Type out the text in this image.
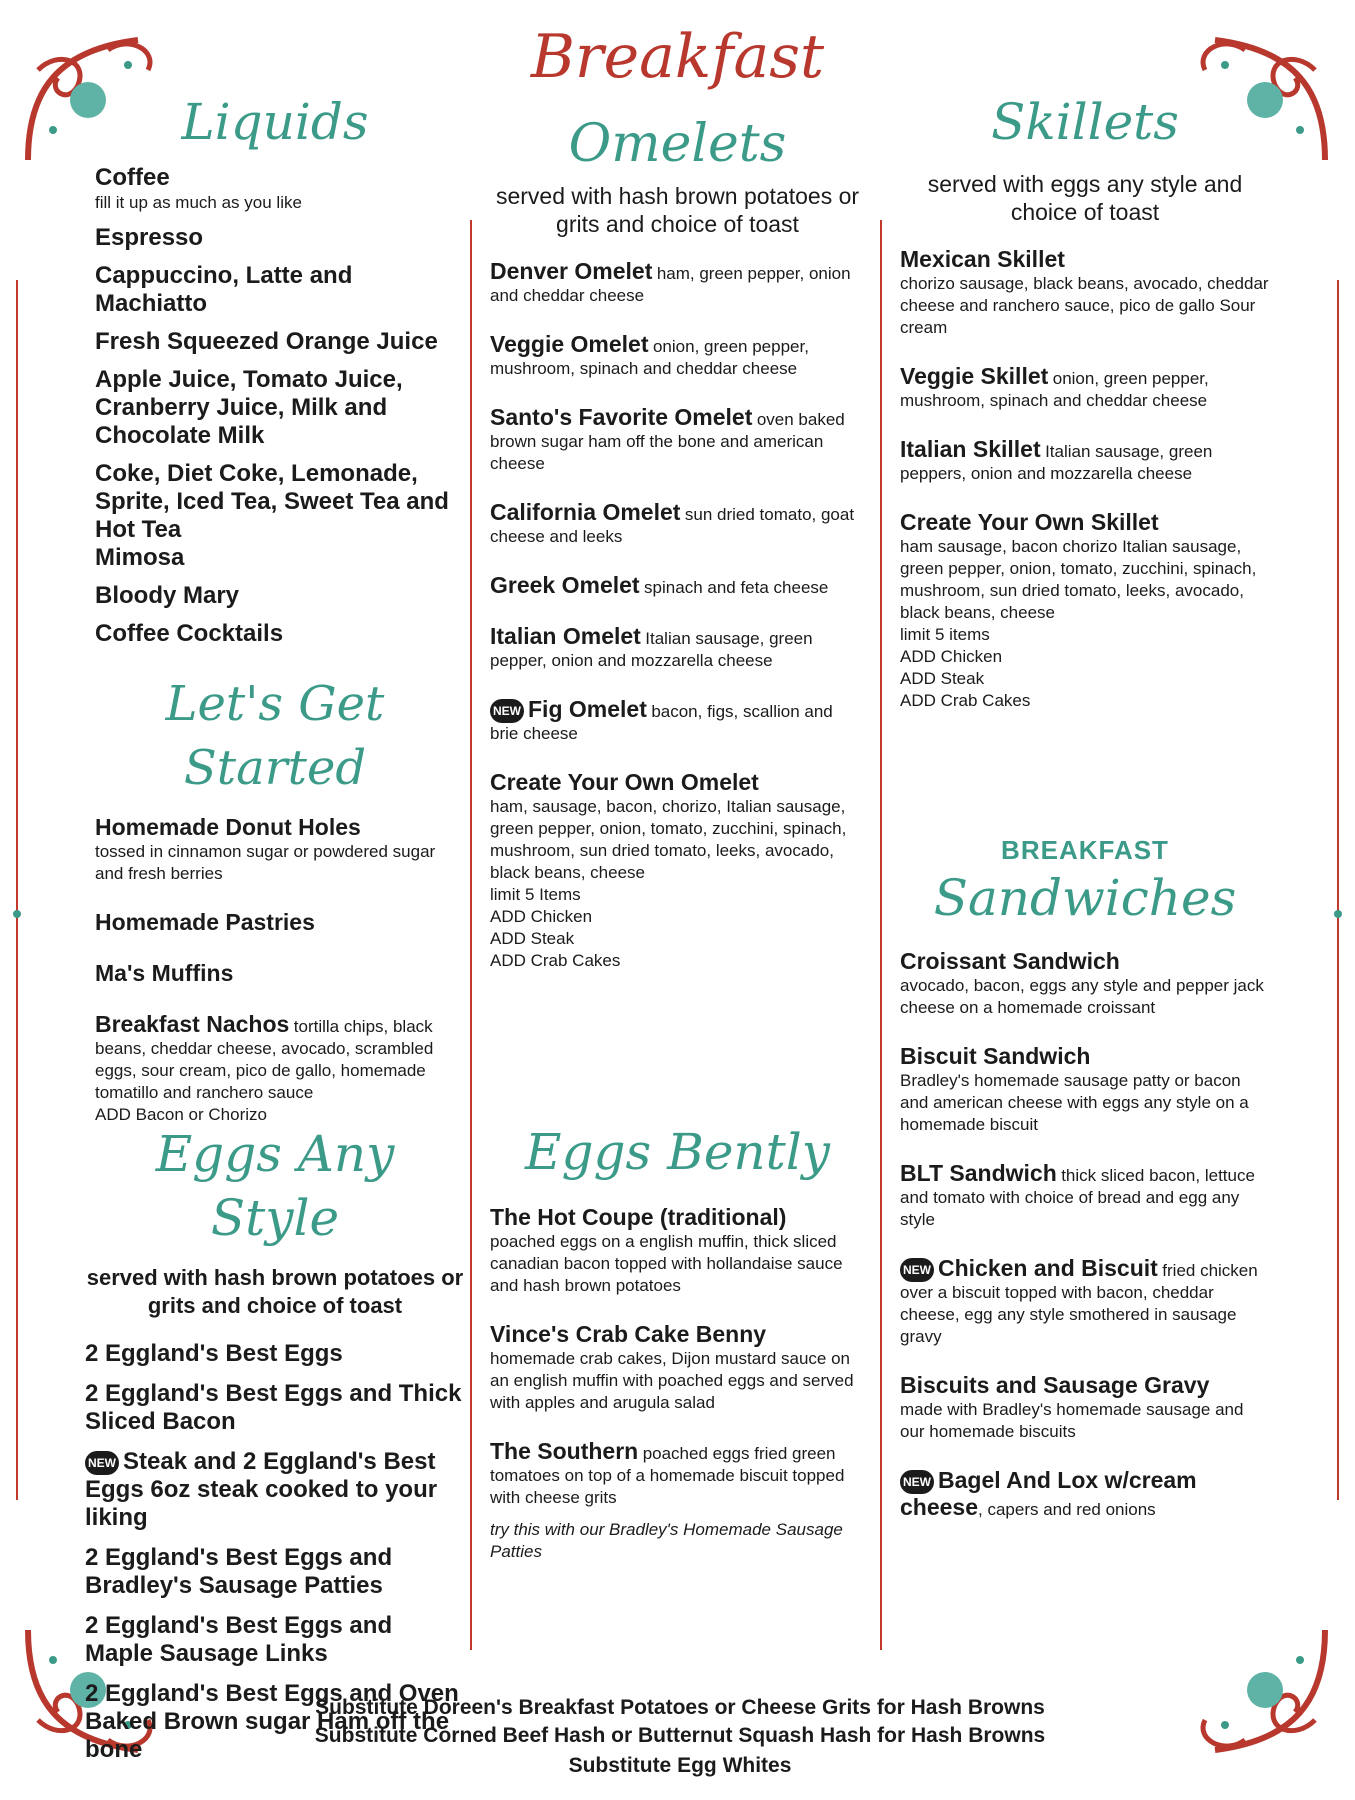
Breakfast
Liquids
Coffee
fill it up as much as you like
Espresso
Cappuccino, Latte and Machiatto
Fresh Squeezed Orange Juice
Apple Juice, Tomato Juice, Cranberry Juice, Milk and Chocolate Milk
Coke, Diet Coke, Lemonade, Sprite, Iced Tea, Sweet Tea and Hot Tea
Mimosa
Bloody Mary
Coffee Cocktails
Let's Get Started
Homemade Donut Holes
tossed in cinnamon sugar or powdered sugar and fresh berries
Homemade Pastries
Ma's Muffins
Breakfast Nachos tortilla chips, black beans, cheddar cheese, avocado, scrambled eggs, sour cream, pico de gallo, homemade tomatillo and ranchero sauce
ADD Bacon or Chorizo
Eggs Any Style
served with hash brown potatoes or grits and choice of toast
2 Eggland's Best Eggs
2 Eggland's Best Eggs and Thick Sliced Bacon
NEW Steak and 2 Eggland's Best Eggs 6oz steak cooked to your liking
2 Eggland's Best Eggs and Bradley's Sausage Patties
2 Eggland's Best Eggs and Maple Sausage Links
2 Eggland's Best Eggs and Oven Baked Brown sugar Ham off the bone
Omelets
served with hash brown potatoes or grits and choice of toast
Denver Omelet ham, green pepper, onion and cheddar cheese
Veggie Omelet onion, green pepper, mushroom, spinach and cheddar cheese
Santo's Favorite Omelet oven baked brown sugar ham off the bone and american cheese
California Omelet sun dried tomato, goat cheese and leeks
Greek Omelet spinach and feta cheese
Italian Omelet Italian sausage, green pepper, onion and mozzarella cheese
NEW Fig Omelet bacon, figs, scallion and brie cheese
Create Your Own Omelet
ham, sausage, bacon, chorizo, Italian sausage, green pepper, onion, tomato, zucchini, spinach, mushroom, sun dried tomato, leeks, avocado, black beans, cheese
limit 5 Items
ADD Chicken
ADD Steak
ADD Crab Cakes
Eggs Bently
The Hot Coupe (traditional)
poached eggs on a english muffin, thick sliced canadian bacon topped with hollandaise sauce and hash brown potatoes
Vince's Crab Cake Benny
homemade crab cakes, Dijon mustard sauce on an english muffin with poached eggs and served with apples and arugula salad
The Southern poached eggs fried green tomatoes on top of a homemade biscuit topped with cheese grits
try this with our Bradley's Homemade Sausage Patties
Skillets
served with eggs any style and choice of toast
Mexican Skillet
chorizo sausage, black beans, avocado, cheddar cheese and ranchero sauce, pico de gallo Sour cream
Veggie Skillet onion, green pepper, mushroom, spinach and cheddar cheese
Italian Skillet Italian sausage, green peppers, onion and mozzarella cheese
Create Your Own Skillet
ham sausage, bacon chorizo Italian sausage, green pepper, onion, tomato, zucchini, spinach, mushroom, sun dried tomato, leeks, avocado, black beans, cheese
limit 5 items
ADD Chicken
ADD Steak
ADD Crab Cakes
BREAKFAST
Sandwiches
Croissant Sandwich
avocado, bacon, eggs any style and pepper jack cheese on a homemade croissant
Biscuit Sandwich
Bradley's homemade sausage patty or bacon and american cheese with eggs any style on a homemade biscuit
BLT Sandwich thick sliced bacon, lettuce and tomato with choice of bread and egg any style
NEW Chicken and Biscuit fried chicken over a biscuit topped with bacon, cheddar cheese, egg any style smothered in sausage gravy
Biscuits and Sausage Gravy
made with Bradley's homemade sausage and our homemade biscuits
NEW Bagel And Lox w/cream cheese, capers and red onions
Substitute Doreen's Breakfast Potatoes or Cheese Grits for Hash Browns
Substitute Corned Beef Hash or Butternut Squash Hash for Hash Browns
Substitute Egg Whites
